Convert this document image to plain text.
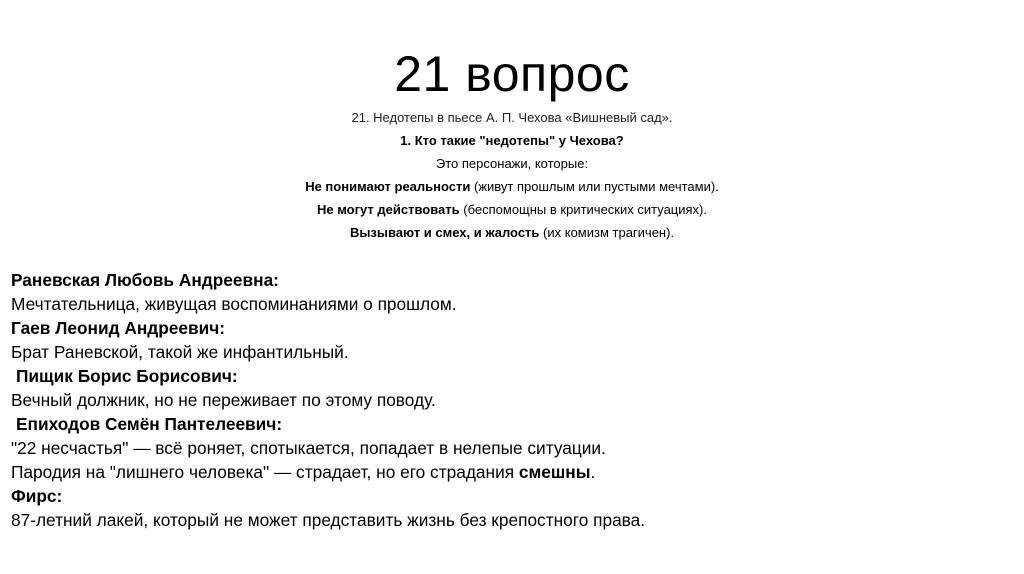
21 вопрос
21. Недотепы в пьесе А. П. Чехова «Вишневый сад».
1. Кто такие "недотепы" у Чехова?
Это персонажи, которые:
Не понимают реальности (живут прошлым или пустыми мечтами).
Не могут действовать (беспомощны в критических ситуациях).
Вызывают и смех, и жалость (их комизм трагичен).
Раневская Любовь Андреевна:
Мечтательница, живущая воспоминаниями о прошлом.
Гаев Леонид Андреевич:
Брат Раневской, такой же инфантильный.
Пищик Борис Борисович:
Вечный должник, но не переживает по этому поводу.
Епиходов Семён Пантелеевич:
"22 несчастья" — всё роняет, спотыкается, попадает в нелепые ситуации.
Пародия на "лишнего человека" — страдает, но его страдания смешны.
Фирс:
87-летний лакей, который не может представить жизнь без крепостного права.
